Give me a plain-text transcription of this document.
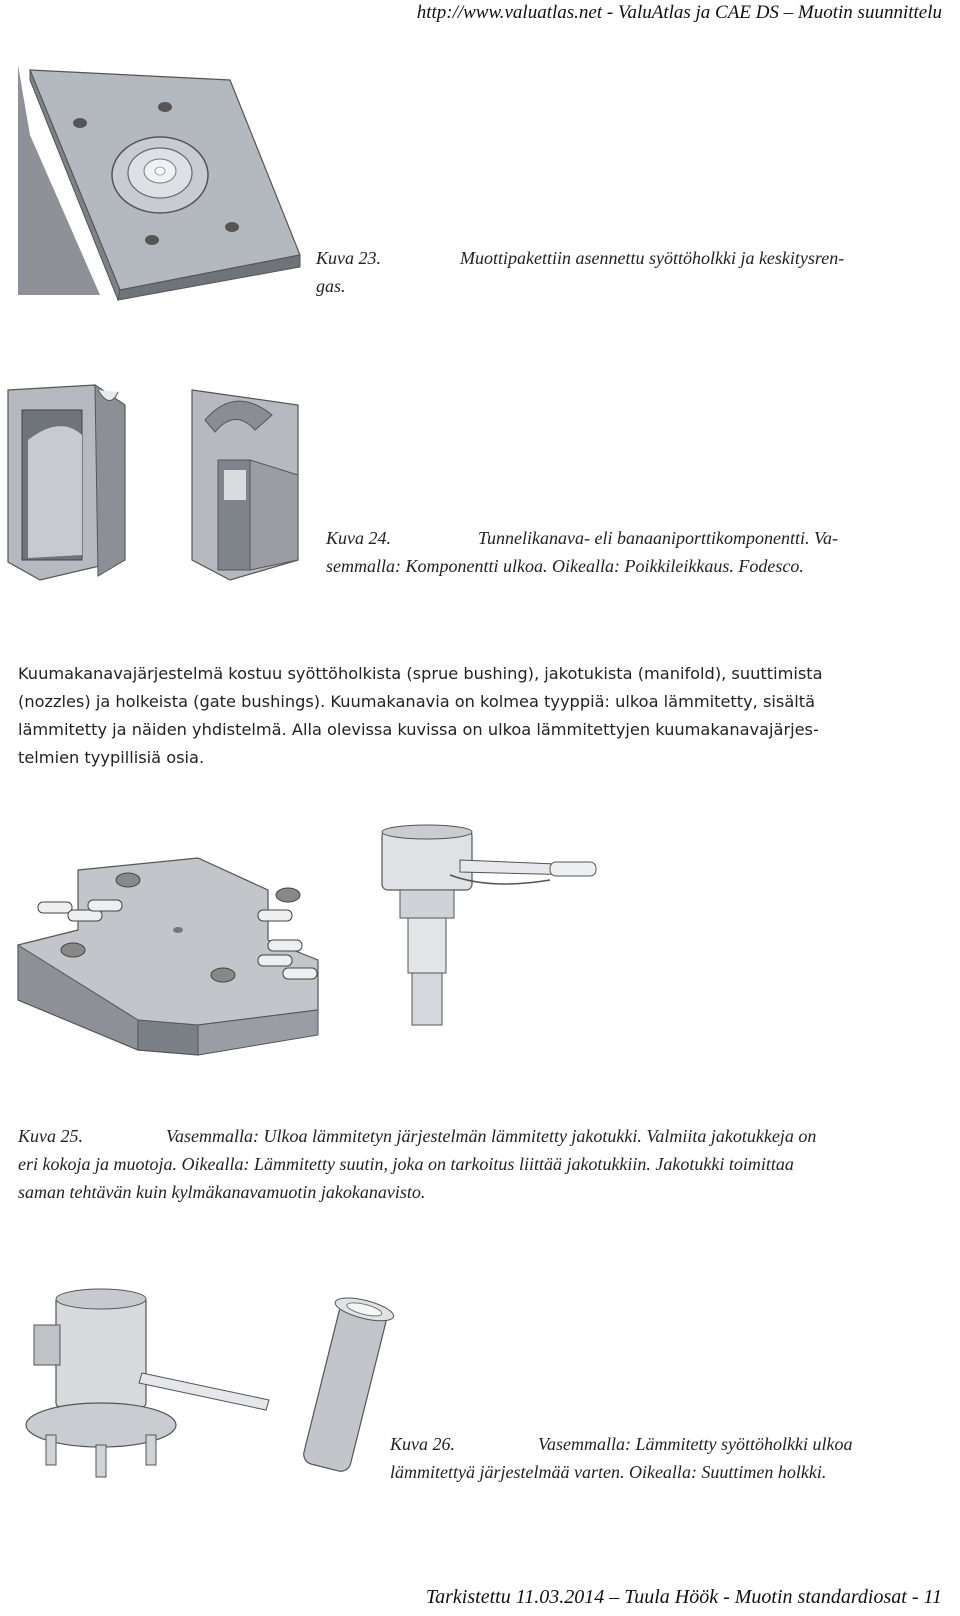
http://www.valuatlas.net - ValuAtlas ja CAE DS – Muotin suunnittelu
Kuva 23.	Muottipakettiin asennettu syöttöholkki ja keskitysren-
gas.
Kuva 24.	Tunnelikanava- eli banaaniporttikomponentti. Va-
semmalla: Komponentti ulkoa. Oikealla: Poikkileikkaus. Fodesco.
Kuumakanavajärjestelmä kostuu syöttöholkista (sprue bushing), jakotukista (manifold), suuttimista
(nozzles) ja holkeista (gate bushings). Kuumakanavia on kolmea tyyppiä: ulkoa lämmitetty, sisältä
lämmitetty ja näiden yhdistelmä. Alla olevissa kuvissa on ulkoa lämmitettyjen kuumakanavajärjes-
telmien tyypillisiä osia.
Kuva 25.	Vasemmalla: Ulkoa lämmitetyn järjestelmän lämmitetty jakotukki. Valmiita jakotukkeja on
eri kokoja ja muotoja. Oikealla: Lämmitetty suutin, joka on tarkoitus liittää jakotukkiin. Jakotukki toimittaa
saman tehtävän kuin kylmäkanavamuotin jakokanavisto.
Kuva 26.	Vasemmalla: Lämmitetty syöttöholkki ulkoa
lämmitettyä järjestelmää varten. Oikealla: Suuttimen holkki.
Tarkistettu 11.03.2014 – Tuula Höök - Muotin standardiosat - 11
